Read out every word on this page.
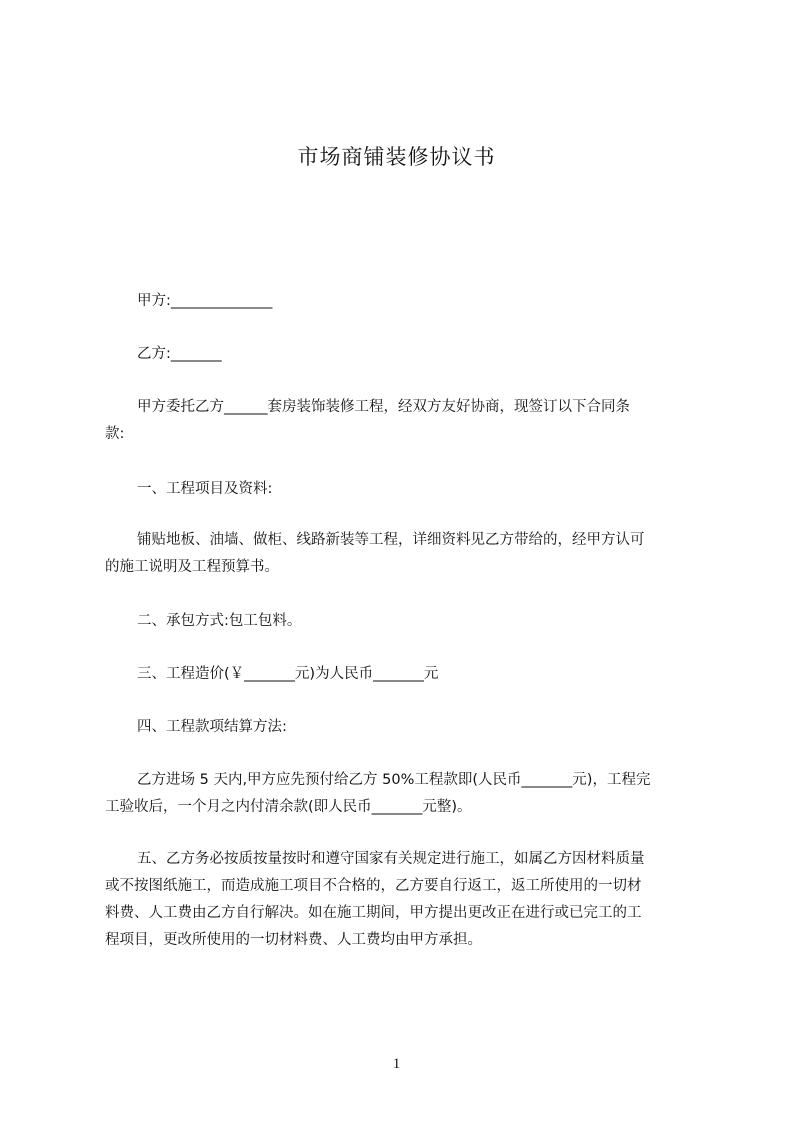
市场商铺装修协议书
甲方:______________
乙方:_______
甲方委托乙方______套房装饰装修工程，经双方友好协商，现签订以下合同条
款:
一、工程项目及资料:
铺贴地板、油墙、做柜、线路新装等工程，详细资料见乙方带给的，经甲方认可
的施工说明及工程预算书。
二、承包方式:包工包料。
三、工程造价(￥_______元)为人民币_______元
四、工程款项结算方法:
乙方进场 5 天内,甲方应先预付给乙方 50%工程款即(人民币_______元)，工程完
工验收后，一个月之内付清余款(即人民币_______元整)。
五、乙方务必按质按量按时和遵守国家有关规定进行施工，如属乙方因材料质量
或不按图纸施工，而造成施工项目不合格的，乙方要自行返工，返工所使用的一切材
料费、人工费由乙方自行解决。如在施工期间，甲方提出更改正在进行或已完工的工
程项目，更改所使用的一切材料费、人工费均由甲方承担。
1
